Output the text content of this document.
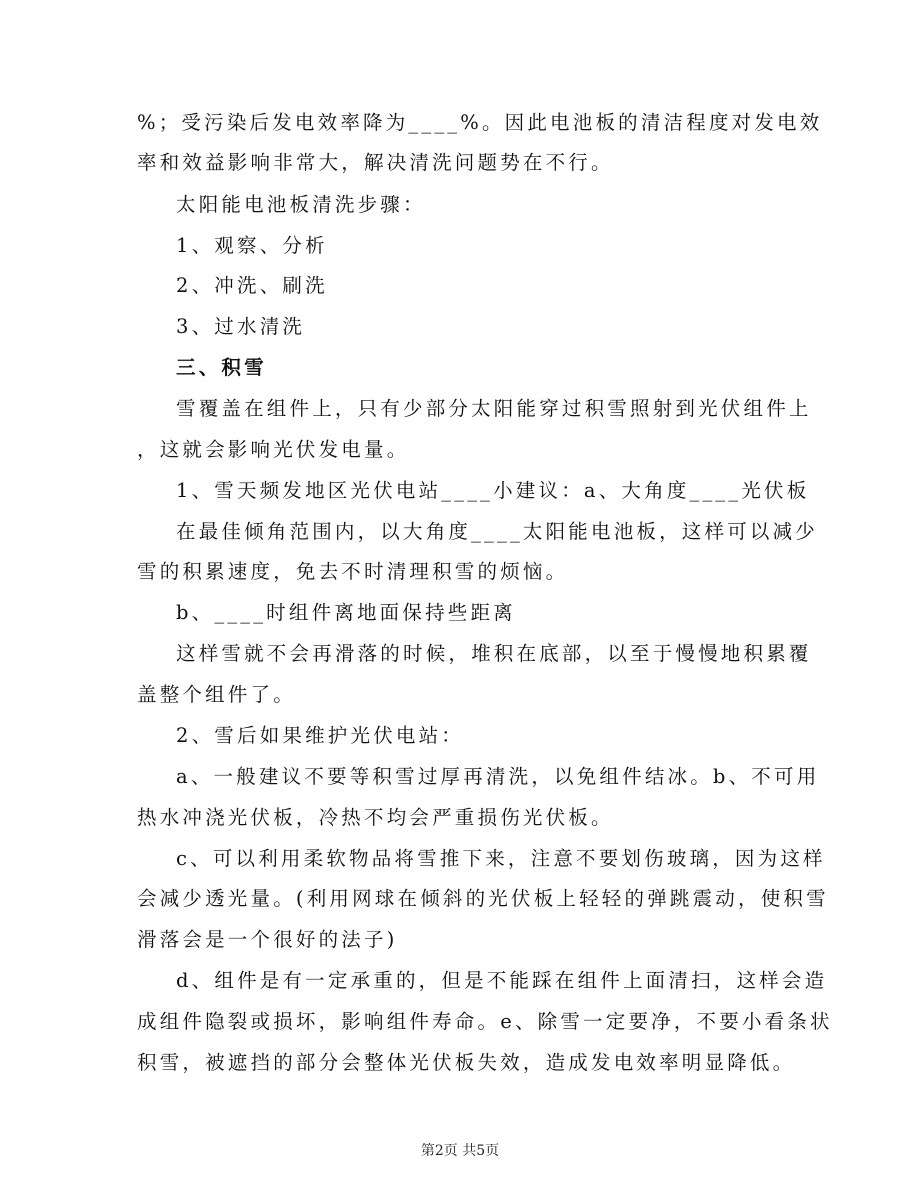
%；受污染后发电效率降为____%。因此电池板的清洁程度对发电效
率和效益影响非常大，解决清洗问题势在不行。
太阳能电池板清洗步骤：
1、观察、分析
2、冲洗、刷洗
3、过水清洗
三、积雪
雪覆盖在组件上，只有少部分太阳能穿过积雪照射到光伏组件上
，这就会影响光伏发电量。
1、雪天频发地区光伏电站____小建议：a、大角度____光伏板
在最佳倾角范围内，以大角度____太阳能电池板，这样可以减少
雪的积累速度，免去不时清理积雪的烦恼。
b、____时组件离地面保持些距离
这样雪就不会再滑落的时候，堆积在底部，以至于慢慢地积累覆
盖整个组件了。
2、雪后如果维护光伏电站：
a、一般建议不要等积雪过厚再清洗，以免组件结冰。b、不可用
热水冲浇光伏板，冷热不均会严重损伤光伏板。
c、可以利用柔软物品将雪推下来，注意不要划伤玻璃，因为这样
会减少透光量。(利用网球在倾斜的光伏板上轻轻的弹跳震动，使积雪
滑落会是一个很好的法子)
d、组件是有一定承重的，但是不能踩在组件上面清扫，这样会造
成组件隐裂或损坏，影响组件寿命。e、除雪一定要净，不要小看条状
积雪，被遮挡的部分会整体光伏板失效，造成发电效率明显降低。
第2页 共5页
